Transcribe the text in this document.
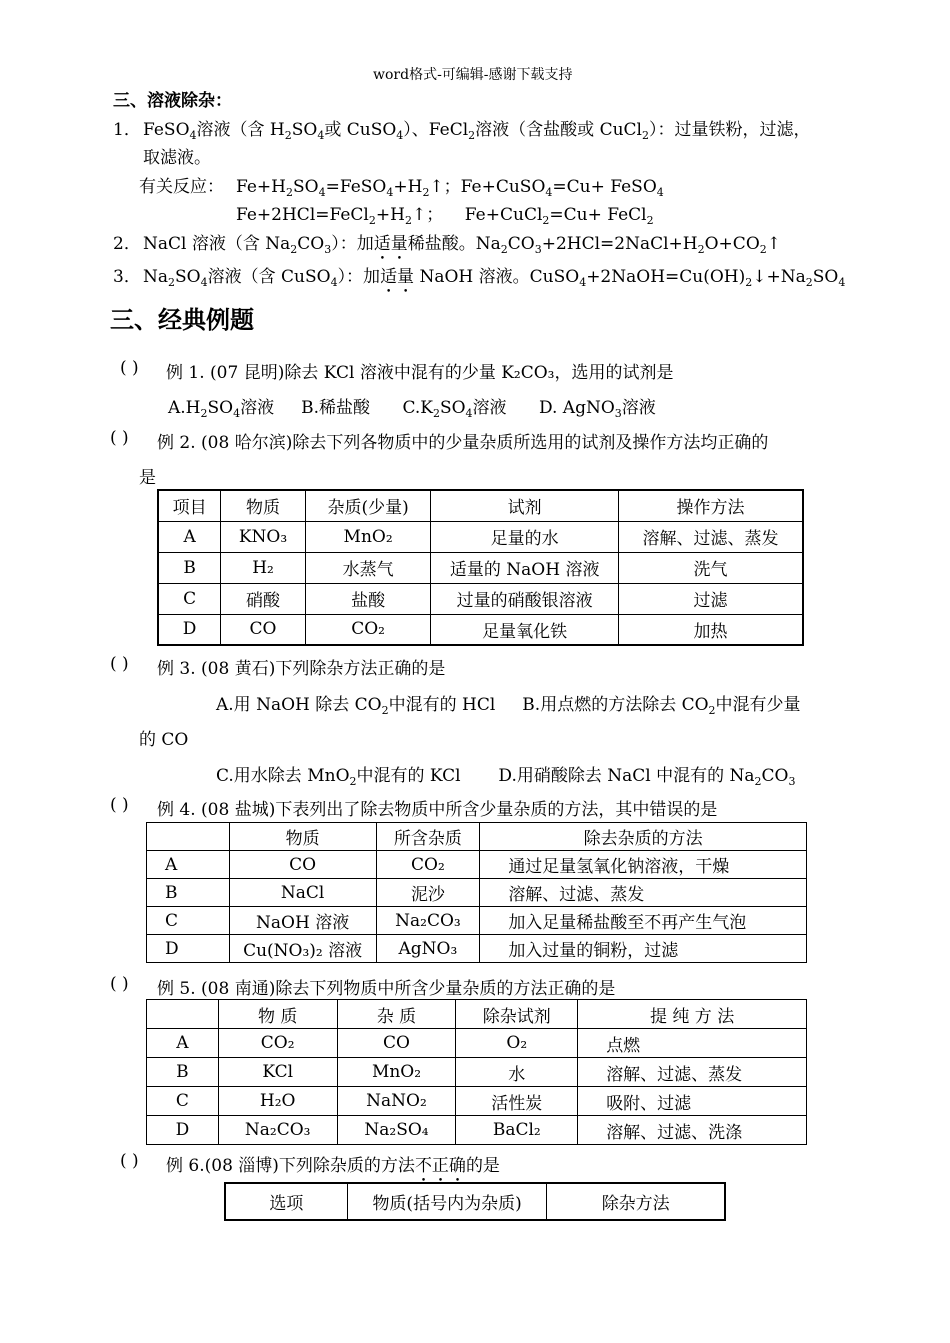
word格式-可编辑-感谢下载支持
三、溶液除杂：
1． FeSO$_4$溶液（含 $H_2SO_4$或 CuSO$_4$）、FeCl$_2$溶液（含盐酸或 CuCl$_2$）：过量铁粉，过滤，
取滤液。
有关反应： $Fe+H_2SO_4=FeSO_4+H_2↑$；Fe+CuSO$_4$=Cu+ FeSO$_4$
$Fe+2HCl=FeCl_2+H_2↑$；    Fe+CuCl$_2$=Cu+ FeCl$_2$
2． NaCl 溶液（含 $Na_2CO_3$）：加适量稀盐酸。$Na_2CO_3+2HCl=2NaCl+H_2O+CO_2↑$
3． $Na_2SO_4$溶液（含 CuSO$_4$）：加适量 NaOH 溶液。$CuSO_4+2NaOH=Cu(OH)_2↓+Na_2SO_4$
三、经典例题
( ) 例 1. (07 昆明)除去 KCl 溶液中混有的少量 K₂CO₃，选用的试剂是
$A.H_2SO_4$溶液     B.稀盐酸      $C.K_2SO_4$溶液      D. AgNO$_3$溶液
( ) 例 2. (08 哈尔滨)除去下列各物质中的少量杂质所选用的试剂及操作方法均正确的
是
项目	物质	杂质(少量)	试剂	操作方法
A	KNO₃	MnO₂	足量的水	溶解、过滤、蒸发
B	H₂	水蒸气	适量的 NaOH 溶液	洗气
C	硝酸	盐酸	过量的硝酸银溶液	过滤
D	CO	CO₂	足量氧化铁	加热
( ) 例 3. (08 黄石)下列除杂方法正确的是
A.用 NaOH 除去 $CO_2$中混有的 HCl     B.用点燃的方法除去 $CO_2$中混有少量
的 CO
C.用水除去 MnO$_2$中混有的 KCl       D.用硝酸除去 NaCl 中混有的 $Na_2CO_3$
( ) 例 4. (08 盐城)下表列出了除去物质中所含少量杂质的方法，其中错误的是
	物质	所含杂质	除去杂质的方法
A	CO	CO₂	通过足量氢氧化钠溶液，干燥
B	NaCl	泥沙	溶解、过滤、蒸发
C	NaOH 溶液	Na₂CO₃	加入足量稀盐酸至不再产生气泡
D	Cu(NO₃)₂ 溶液	AgNO₃	加入过量的铜粉，过滤
( ) 例 5. (08 南通)除去下列物质中所含少量杂质的方法正确的是
	物 质	杂 质	除杂试剂	提 纯 方 法
A	CO₂	CO	O₂	点燃
B	KCl	MnO₂	水	溶解、过滤、蒸发
C	H₂O	NaNO₂	活性炭	吸附、过滤
D	Na₂CO₃	Na₂SO₄	BaCl₂	溶解、过滤、洗涤
( ) 例 6.(08 淄博)下列除杂质的方法不正确的是
选项	物质(括号内为杂质)	除杂方法
